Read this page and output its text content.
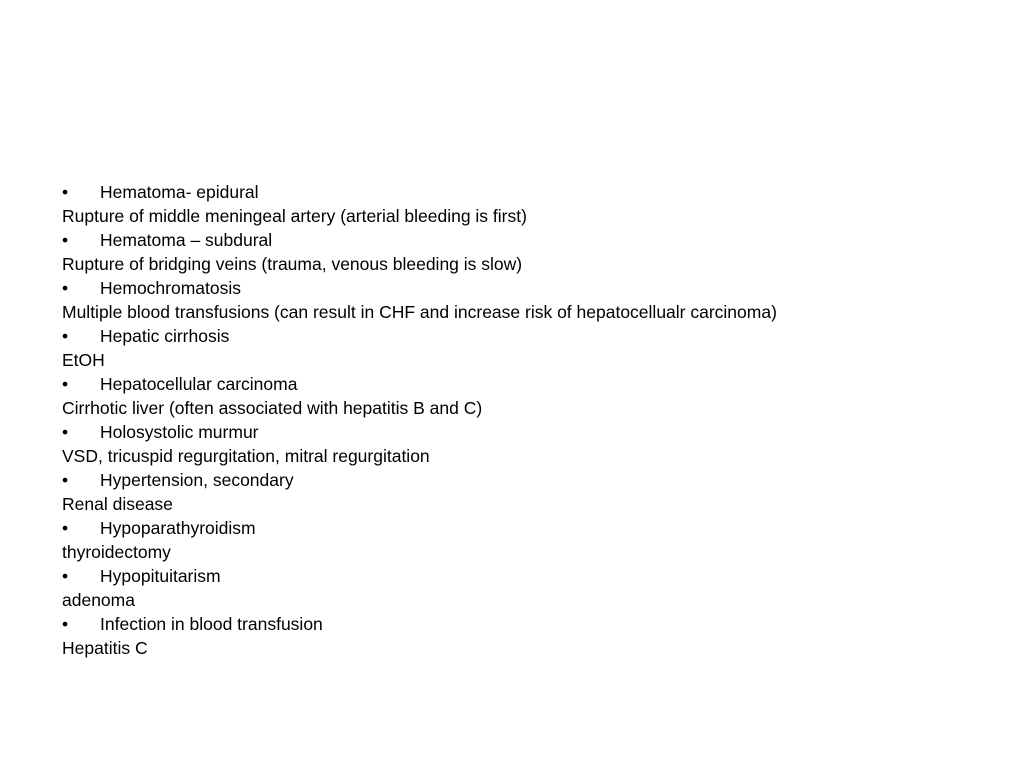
• Hematoma- epidural
Rupture of middle meningeal artery (arterial bleeding is first)
• Hematoma – subdural
Rupture of bridging veins (trauma, venous bleeding is slow)
• Hemochromatosis
Multiple blood transfusions (can result in CHF and increase risk of hepatocellualr carcinoma)
• Hepatic cirrhosis
EtOH
• Hepatocellular carcinoma
Cirrhotic liver (often associated with hepatitis B and C)
• Holosystolic murmur
VSD, tricuspid regurgitation, mitral regurgitation
• Hypertension, secondary
Renal disease
• Hypoparathyroidism
thyroidectomy
• Hypopituitarism
adenoma
• Infection in blood transfusion
Hepatitis C
